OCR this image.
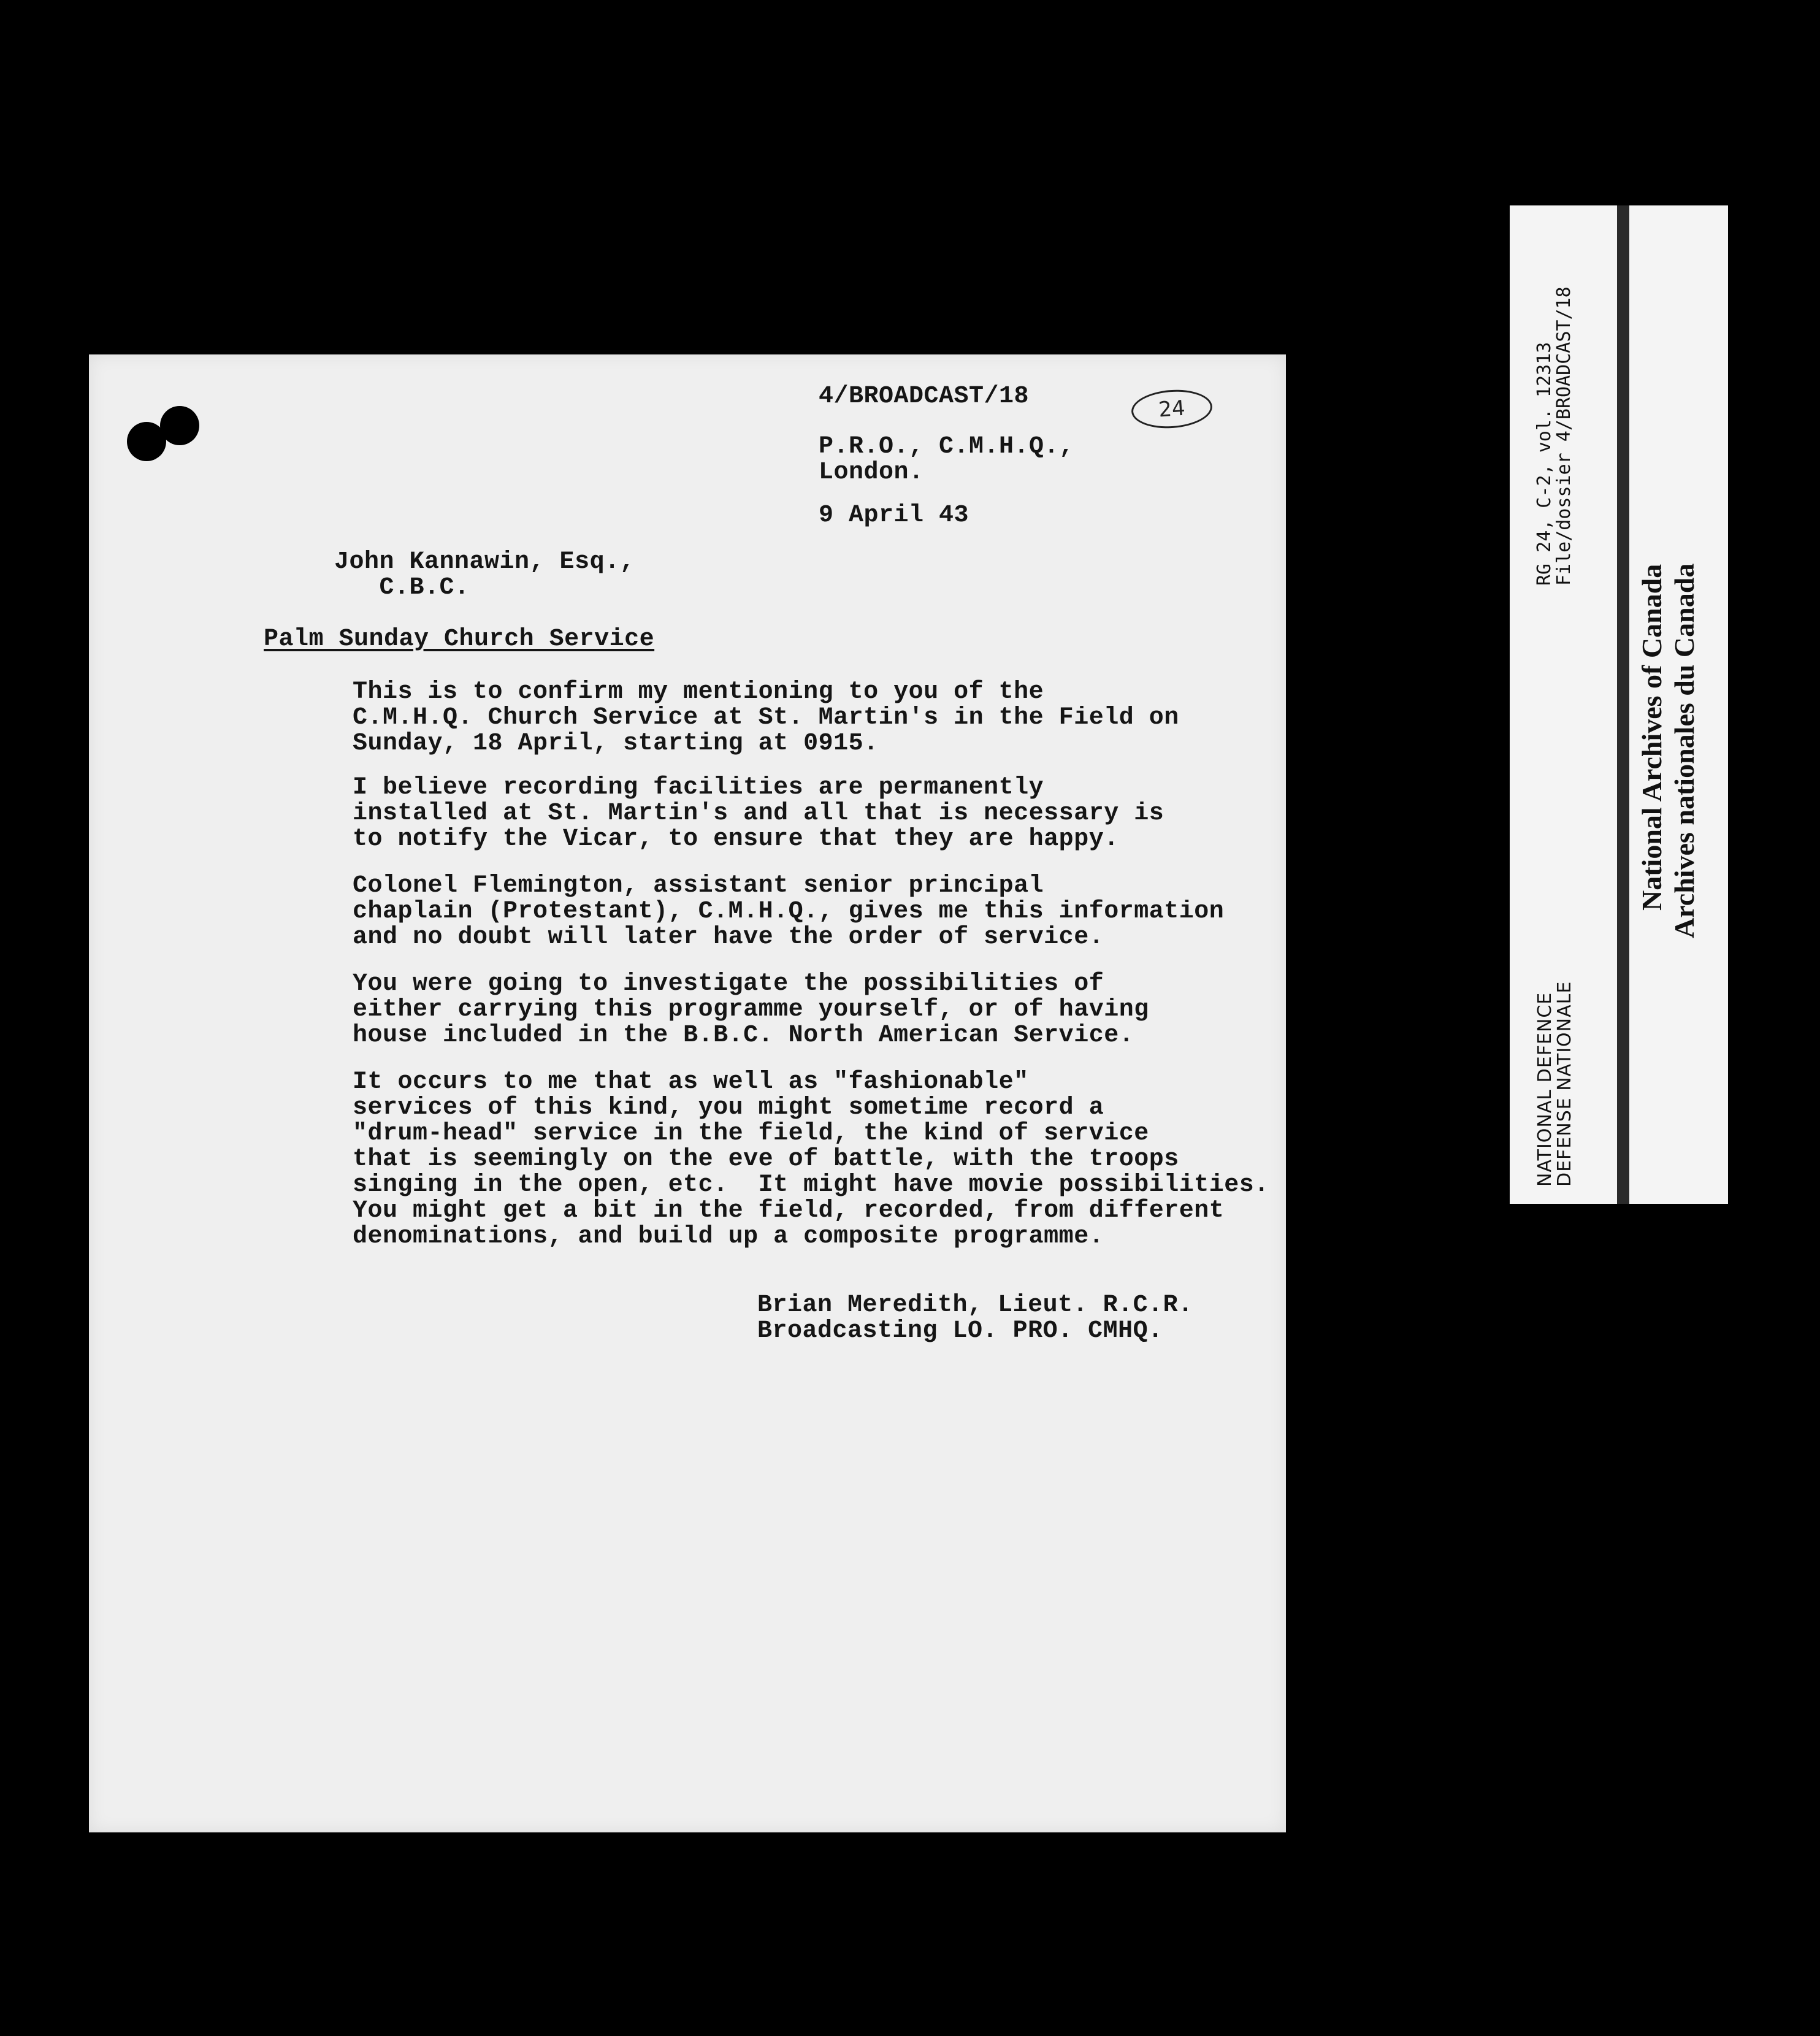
4/BROADCAST/18	24
P.R.O., C.M.H.Q.,
London.
9 April 43
John Kannawin, Esq.,
C.B.C.
Palm Sunday Church Service
This is to confirm my mentioning to you of the
C.M.H.Q. Church Service at St. Martin's in the Field on
Sunday, 18 April, starting at 0915.
I believe recording facilities are permanently
installed at St. Martin's and all that is necessary is
to notify the Vicar, to ensure that they are happy.
Colonel Flemington, assistant senior principal
chaplain (Protestant), C.M.H.Q., gives me this information
and no doubt will later have the order of service.
You were going to investigate the possibilities of
either carrying this programme yourself, or of having
house included in the B.B.C. North American Service.
It occurs to me that as well as "fashionable"
services of this kind, you might sometime record a
"drum-head" service in the field, the kind of service
that is seemingly on the eve of battle, with the troops
singing in the open, etc.  It might have movie possibilities.
You might get a bit in the field, recorded, from different
denominations, and build up a composite programme.
Brian Meredith, Lieut. R.C.R.
Broadcasting LO. PRO. CMHQ.
RG 24, C-2, vol. 12313
File/dossier 4/BROADCAST/18
NATIONAL DEFENCE
DEFENSE NATIONALE
National Archives of Canada Archives nationales du Canada
